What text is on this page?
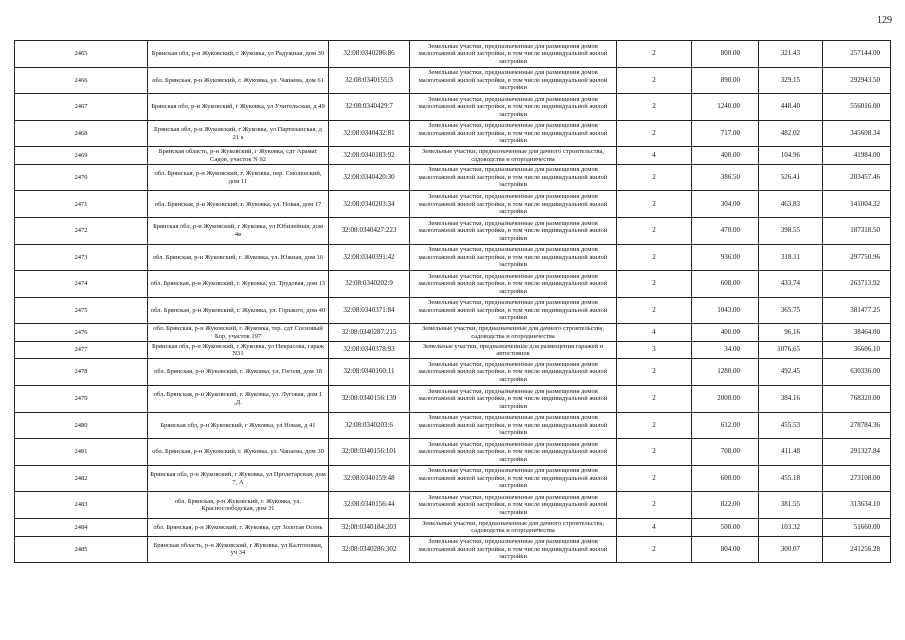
129
2465	Брянская обл, р-н Жуковский, г Жуковка, ул Радужная, дом 39	32:08:0340286:86	Земельные участки, предназначенные для размещения домов малоэтажной жилой застройки, в том числе индивидуальной жилой застройки	2	800.00	321.43	257144.00
2466	обл. Брянская, р-н Жуковский, г. Жуковка, ул. Чапаева, дом 61	32:08:0340155:3	Земельные участки, предназначенные для размещения домов малоэтажной жилой застройки, в том числе индивидуальной жилой застройки	2	890.00	329.15	292943.50
2467	Брянская обл, р-н Жуковский, г Жуковка, ул Учительская, д 49	32:08:0340429:7	Земельные участки, предназначенные для размещения домов малоэтажной жилой застройки, в том числе индивидуальной жилой застройки	2	1240.00	448.40	556016.00
2468	Брянская обл, р-н Жуковский, г Жуковка, ул Партизанская, д 21 а	32:08:0340432:81	Земельные участки, предназначенные для размещения домов малоэтажной жилой застройки, в том числе индивидуальной жилой застройки	2	717.00	482.02	345608.34
2469	Брянская область, р-н Жуковский, г Жуковка, сдт Арамат Садов, участок N 92	32:08:0340183:92	Земельные участки, предназначенные для дачного строительства, садоводства и огородничества	4	400.00	104.96	41984.00
2470	обл. Брянская, р-н Жуковский, г. Жуковка, пер. Смоленский, дом 11	32:08:0340420:30	Земельные участки, предназначенные для размещения домов малоэтажной жилой застройки, в том числе индивидуальной жилой застройки	2	386.50	526.41	203457.46
2471	обл. Брянская, р-н Жуковский, г. Жуковка, ул. Новая, дом 17	32:08:0340203:34	Земельные участки, предназначенные для размещения домов малоэтажной жилой застройки, в том числе индивидуальной жилой застройки	2	304.00	463.83	141004.32
2472	Брянская обл, р-н Жуковский, г Жуковка, ул Юбилейная, дом 4в	32:08:0340427:223	Земельные участки, предназначенные для размещения домов малоэтажной жилой застройки, в том числе индивидуальной жилой застройки	2	470.00	398.55	187318.50
2473	обл. Брянская, р-н Жуковский, г. Жуковка, ул. Южная, дом 16	32:08:0340391:42	Земельные участки, предназначенные для размещения домов малоэтажной жилой застройки, в том числе индивидуальной жилой застройки	2	936.00	318.11	297750.96
2474	обл. Брянская, р-н Жуковский, г. Жуковка, ул. Трудовая, дом 15	32:08:0340202:9	Земельные участки, предназначенные для размещения домов малоэтажной жилой застройки, в том числе индивидуальной жилой застройки	2	608.00	433.74	263713.92
2475	обл. Брянская, р-н Жуковский, г. Жуковка, ул. Горького, дом 40	32:08:0340371:84	Земельные участки, предназначенные для размещения домов малоэтажной жилой застройки, в том числе индивидуальной жилой застройки	2	1043.00	365.75	381477.25
2476	обл. Брянская, р-н Жуковский, г. Жуковка, тер. сдт Сосновый Бор, участок 197	32:08:0340287:215	Земельные участки, предназначенные для дачного строительства, садоводства и огородничества	4	400.00	96.16	38464.00
2477	Брянская обл, р-н Жуковский, г Жуковка, ул Некрасова, гараж N31	32:08:0340378:93	Земельные участки, предназначенные для размещения гаражей и автостоянок	3	34.00	1076.65	36606.10
2478	обл. Брянская, р-н Жуковский, г. Жуковка, ул. Гоголя, дом 18	32:08:0340160:11	Земельные участки, предназначенные для размещения домов малоэтажной жилой застройки, в том числе индивидуальной жилой застройки	2	1280.00	492.45	630336.00
2479	обл. Брянская, р-н Жуковский, г. Жуковка, ул. Луговая, дом 1 ,Д.	32:08:0340156:139	Земельные участки, предназначенные для размещения домов малоэтажной жилой застройки, в том числе индивидуальной жилой застройки	2	2000.00	384.16	768320.00
2480	Брянская обл, р-н Жуковский, г Жуковка, ул Новая, д 41	32:08:0340203:6	Земельные участки, предназначенные для размещения домов малоэтажной жилой застройки, в том числе индивидуальной жилой застройки	2	612.00	455.53	278784.36
2481	обл. Брянская, р-н Жуковский, г. Жуковка, ул. Чапаева, дом 30	32:08:0340156:101	Земельные участки, предназначенные для размещения домов малоэтажной жилой застройки, в том числе индивидуальной жилой застройки	2	708.00	411.48	291327.84
2482	Брянская обл, р-н Жуковский, г Жуковка, ул Пролетарская, дом 7, А	32:08:0340159:48	Земельные участки, предназначенные для размещения домов малоэтажной жилой застройки, в том числе индивидуальной жилой застройки	2	600.00	455.18	273108.00
2483	обл. Брянская, р-н Жуковский, г. Жуковка, ул. Краснослободская, дом 31	32:08:0340156:44	Земельные участки, предназначенные для размещения домов малоэтажной жилой застройки, в том числе индивидуальной жилой застройки	2	822.00	381.55	313634.10
2484	обл. Брянская, р-н Жуковский, г. Жуковка, сдт Золотая Осень	32:08:0340184:203	Земельные участки, предназначенные для дачного строительства, садоводства и огородничества	4	500.00	103.32	51660.00
2485	Брянская область, р-н Жуковский, г Жуковка, ул Калтоновая, уч 34	32:08:0340286:302	Земельные участки, предназначенные для размещения домов малоэтажной жилой застройки, в том числе индивидуальной жилой застройки	2	804.00	300.07	241256.28
